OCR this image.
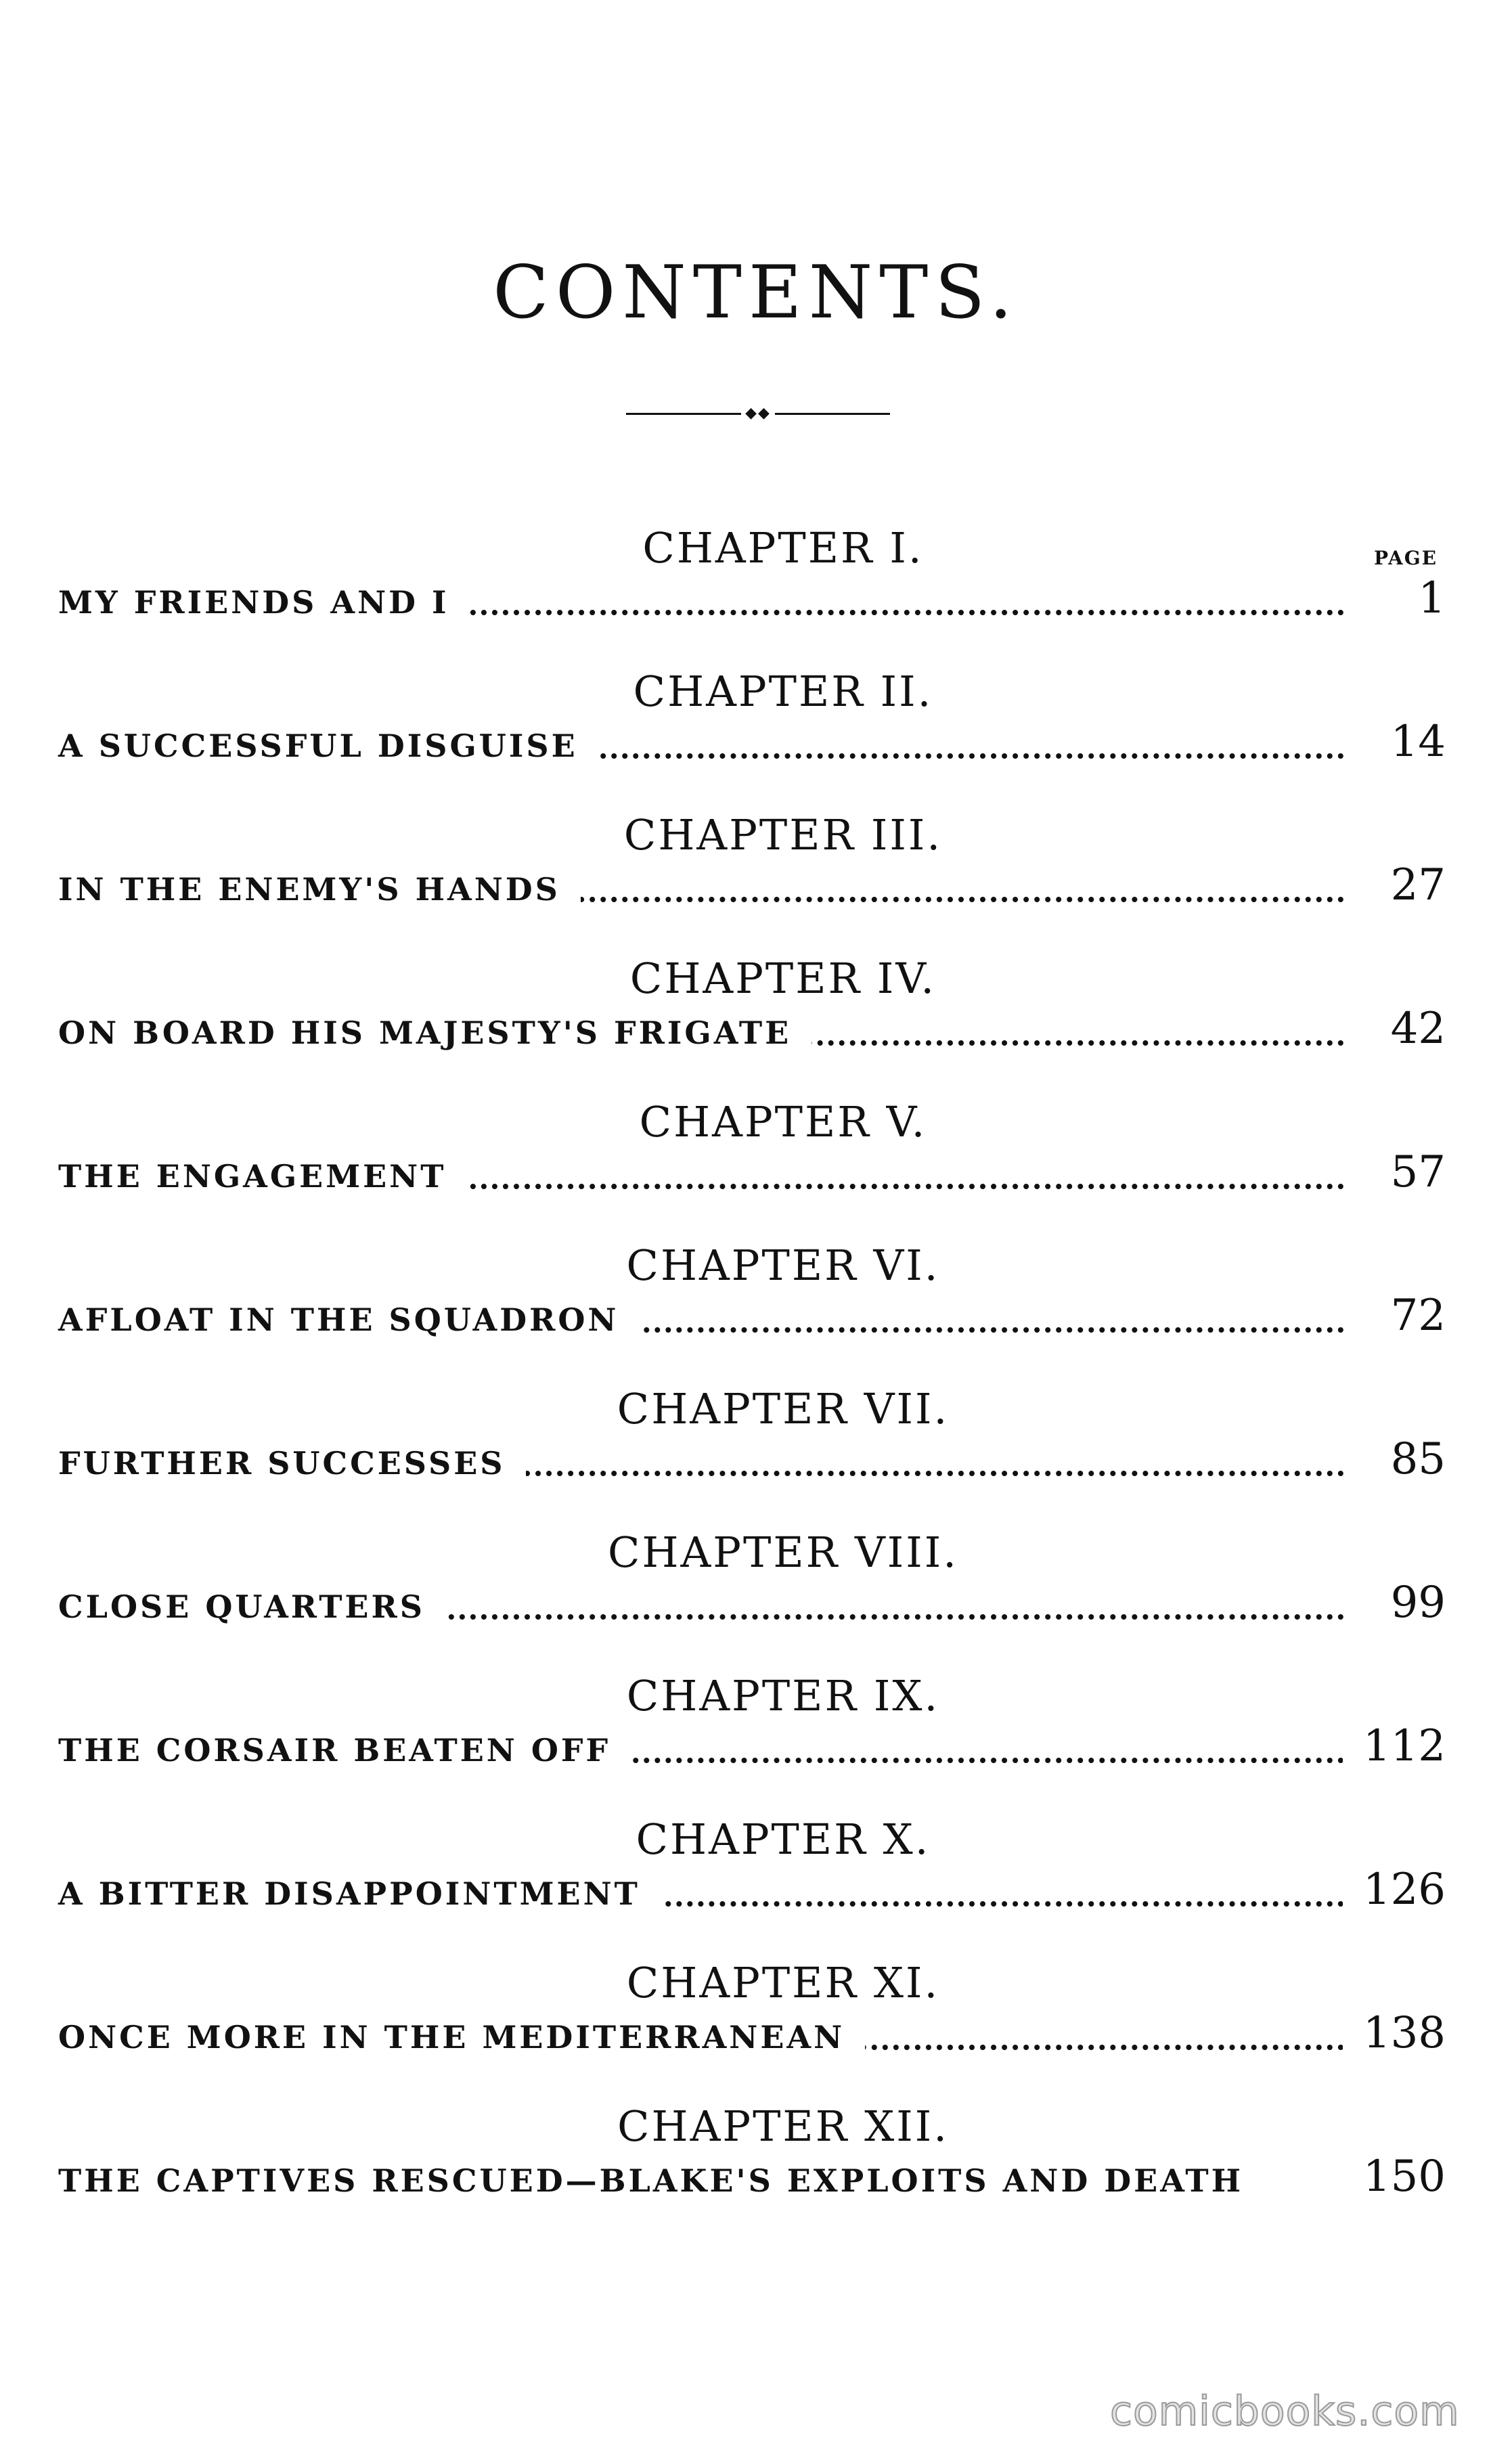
CONTENTS.
◆◆
PAGE
CHAPTER I.
MY FRIENDS AND I	1
CHAPTER II.
A SUCCESSFUL DISGUISE	14
CHAPTER III.
IN THE ENEMY'S HANDS	27
CHAPTER IV.
ON BOARD HIS MAJESTY'S FRIGATE	42
CHAPTER V.
THE ENGAGEMENT	57
CHAPTER VI.
AFLOAT IN THE SQUADRON	72
CHAPTER VII.
FURTHER SUCCESSES	85
CHAPTER VIII.
CLOSE QUARTERS	99
CHAPTER IX.
THE CORSAIR BEATEN OFF	112
CHAPTER X.
A BITTER DISAPPOINTMENT	126
CHAPTER XI.
ONCE MORE IN THE MEDITERRANEAN	138
CHAPTER XII.
THE CAPTIVES RESCUED—BLAKE'S EXPLOITS AND DEATH	150
comicbooks.com
